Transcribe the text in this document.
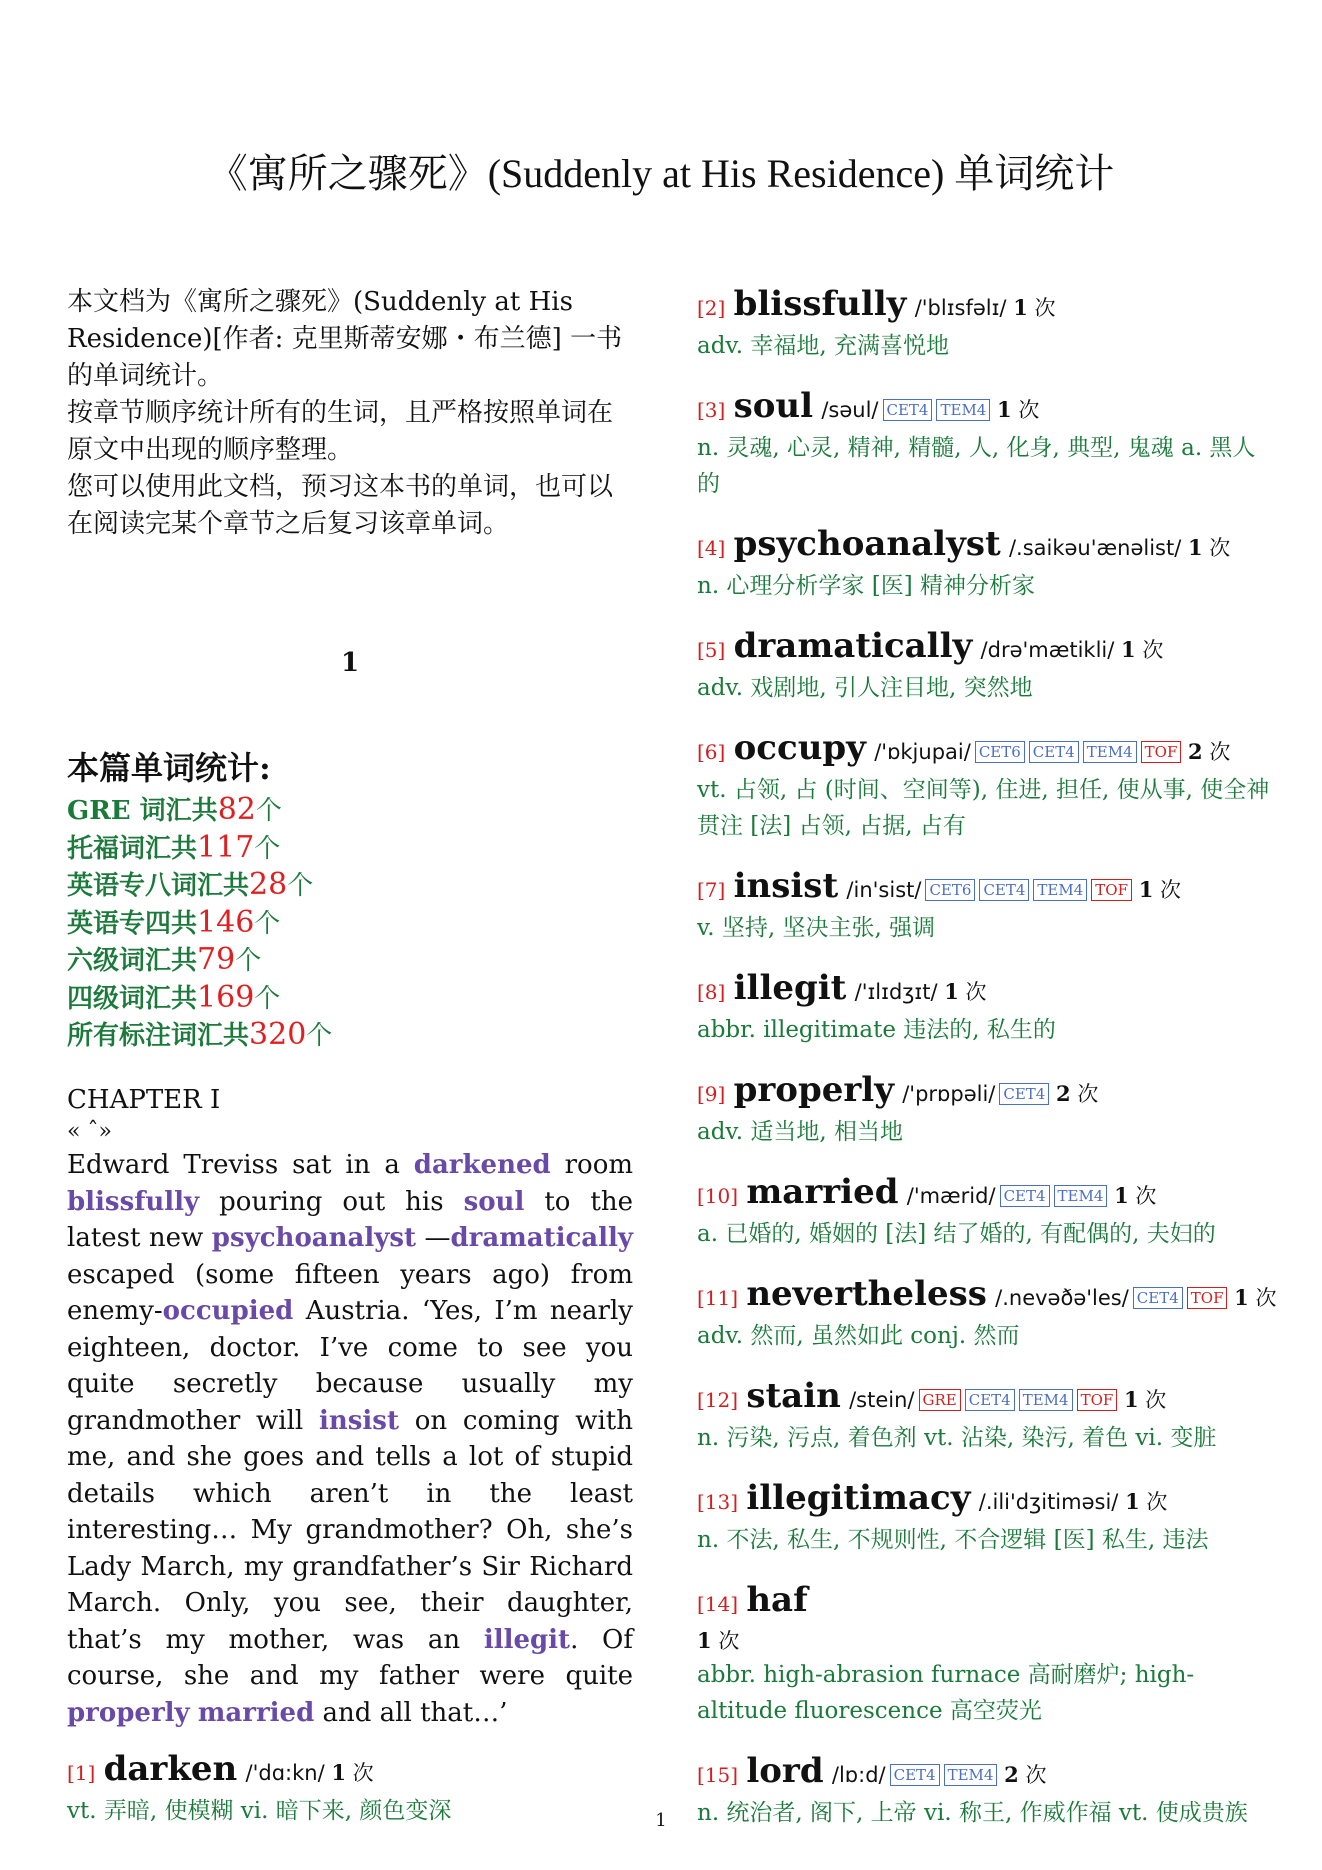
《寓所之骤死》(Suddenly at His Residence) 单词统计

本文档为《寓所之骤死》(Suddenly at His Residence)[作者: 克里斯蒂安娜・布兰德] 一书的单词统计。

按章节顺序统计所有的生词，且严格按照单词在原文中出现的顺序整理。

您可以使用此文档，预习这本书的单词，也可以在阅读完某个章节之后复习该章单词。

1
本篇单词统计:
GRE 词汇共82个
托福词汇共117个
英语专八词汇共28个
英语专四共146个
六级词汇共79个
四级词汇共169个
所有标注词汇共320个
CHAPTER I
« ˆ»
Edward Treviss sat in a darkened room blissfully pouring out his soul to the latest new psychoanalyst —dramatically escaped (some fifteen years ago) from enemy-occupied Austria. ‘Yes, I’m nearly eighteen, doctor. I’ve come to see you quite secretly because usually my grandmother will insist on coming with me, and she goes and tells a lot of stupid details which aren’t in the least interesting… My grandmother? Oh, she’s Lady March, my grandfather’s Sir Richard March. Only, you see, their daughter, that’s my mother, was an illegit. Of course, she and my father were quite properly married and all that…’
[1] darken /'dɑ:kn/ 1 次
vt. 弄暗, 使模糊 vi. 暗下来, 颜色变深
[2] blissfully /'blɪsfəlɪ/ 1 次
adv. 幸福地, 充满喜悦地
[3] soul /səul/ CET4 TEM4 1 次
n. 灵魂, 心灵, 精神, 精髓, 人, 化身, 典型, 鬼魂 a. 黑人的
[4] psychoanalyst /.saikəu'ænəlist/ 1 次
n. 心理分析学家 [医] 精神分析家
[5] dramatically /drə'mætikli/ 1 次
adv. 戏剧地, 引人注目地, 突然地
[6] occupy /'ɒkjupai/ CET6 CET4 TEM4 TOF 2 次
vt. 占领, 占 (时间、空间等), 住进, 担任, 使从事, 使全神贯注 [法] 占领, 占据, 占有
[7] insist /in'sist/ CET6 CET4 TEM4 TOF 1 次
v. 坚持, 坚决主张, 强调
[8] illegit /'ɪlɪdʒɪt/ 1 次
abbr. illegitimate 违法的, 私生的
[9] properly /'prɒpəli/ CET4 2 次
adv. 适当地, 相当地
[10] married /'mærid/ CET4 TEM4 1 次
a. 已婚的, 婚姻的 [法] 结了婚的, 有配偶的, 夫妇的
[11] nevertheless /.nevəðə'les/ CET4 TOF 1 次
adv. 然而, 虽然如此 conj. 然而
[12] stain /stein/ GRE CET4 TEM4 TOF 1 次
n. 污染, 污点, 着色剂 vt. 沾染, 染污, 着色 vi. 变脏
[13] illegitimacy /.ili'dʒitiməsi/ 1 次
n. 不法, 私生, 不规则性, 不合逻辑 [医] 私生, 违法
[14] haf
1 次
abbr. high-abrasion furnace 高耐磨炉; high-altitude fluorescence 高空荧光
[15] lord /lɒ:d/ CET4 TEM4 2 次
n. 统治者, 阁下, 上帝 vi. 称王, 作威作福 vt. 使成贵族
1
